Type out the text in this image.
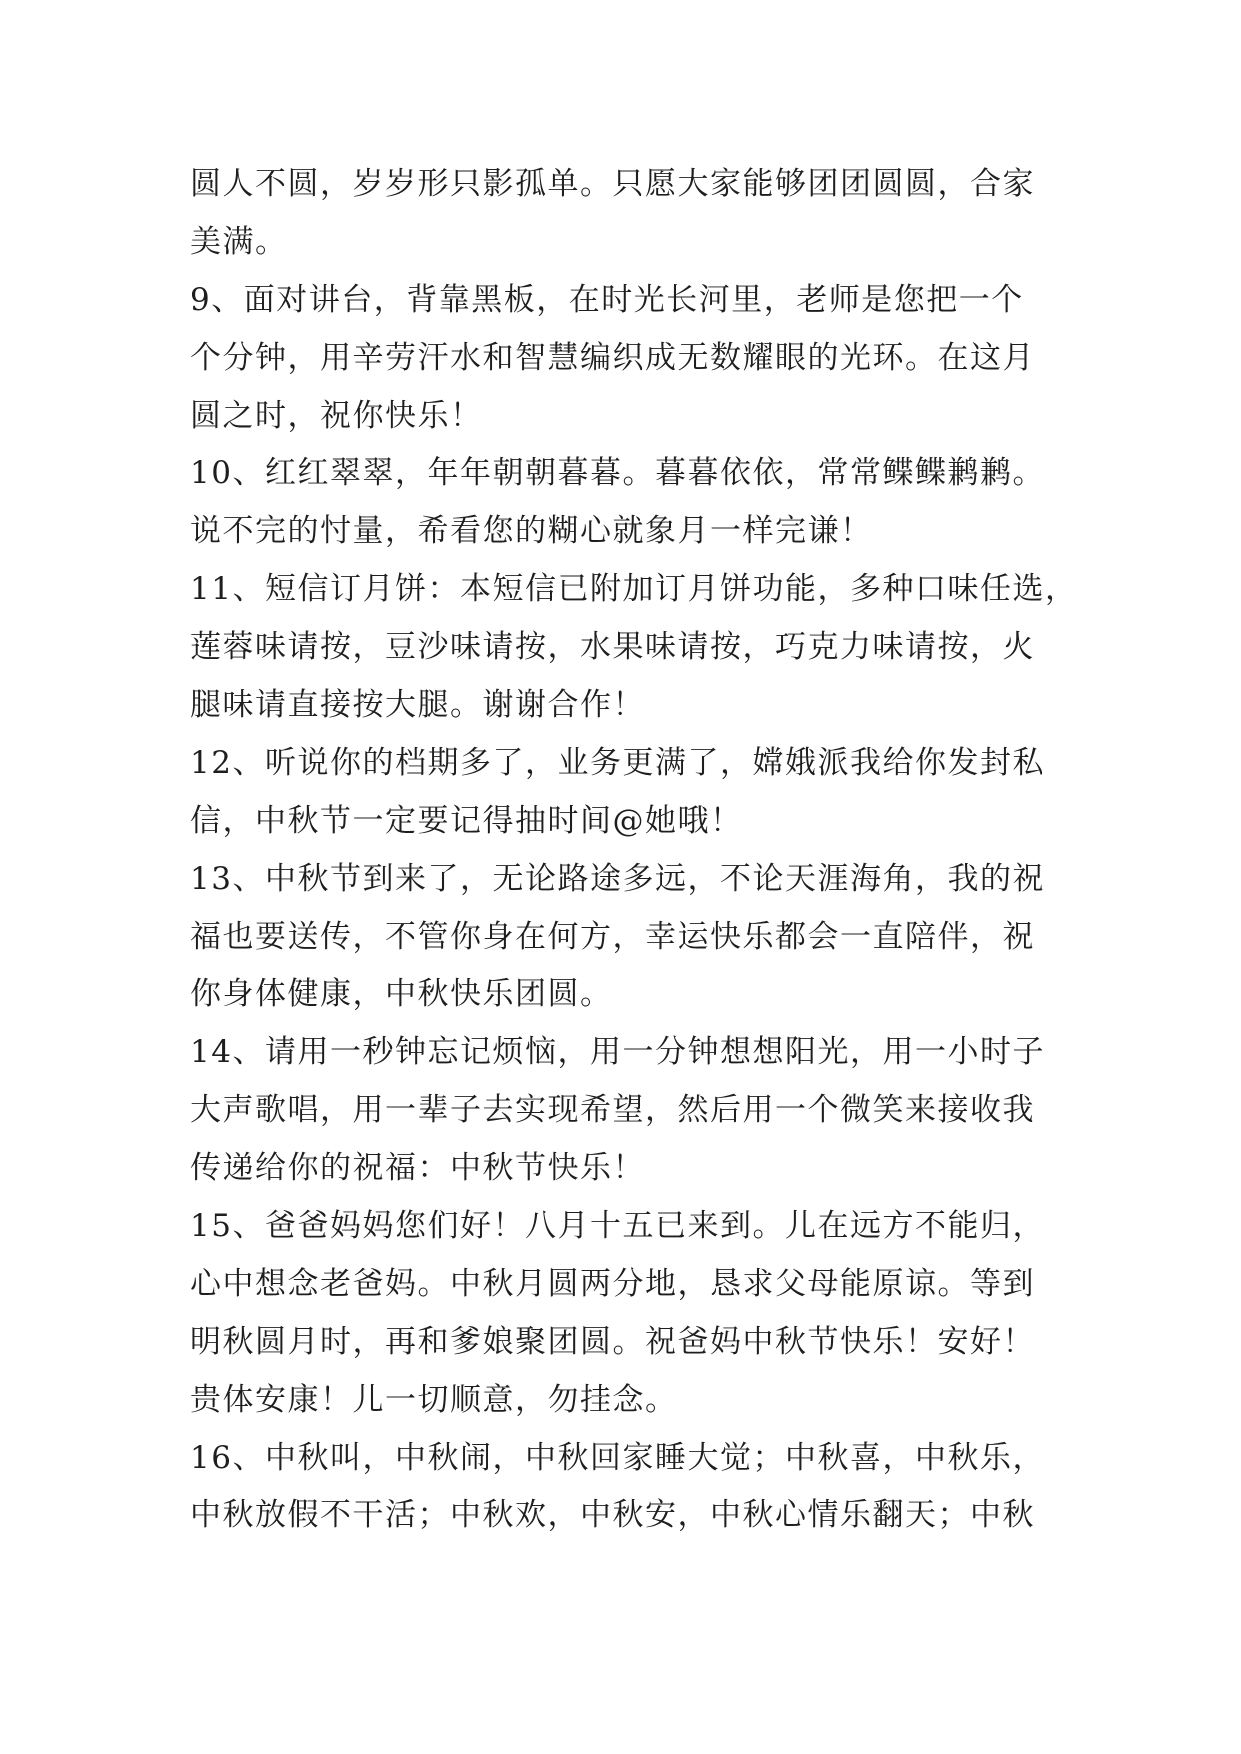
圆人不圆，岁岁形只影孤单。只愿大家能够团团圆圆，合家
美满。
9、面对讲台，背靠黑板，在时光长河里，老师是您把一个
个分钟，用辛劳汗水和智慧编织成无数耀眼的光环。在这月
圆之时，祝你快乐！
10、红红翠翠，年年朝朝暮暮。暮暮依依，常常鲽鲽鹣鹣。
说不完的忖量，希看您的糊心就象月一样完谦！
11、短信订月饼：本短信已附加订月饼功能，多种口味任选，
莲蓉味请按，豆沙味请按，水果味请按，巧克力味请按，火
腿味请直接按大腿。谢谢合作！
12、听说你的档期多了，业务更满了，嫦娥派我给你发封私
信，中秋节一定要记得抽时间@她哦！
13、中秋节到来了，无论路途多远，不论天涯海角，我的祝
福也要送传，不管你身在何方，幸运快乐都会一直陪伴，祝
你身体健康，中秋快乐团圆。
14、请用一秒钟忘记烦恼，用一分钟想想阳光，用一小时子
大声歌唱，用一辈子去实现希望，然后用一个微笑来接收我
传递给你的祝福：中秋节快乐！
15、爸爸妈妈您们好！八月十五已来到。儿在远方不能归，
心中想念老爸妈。中秋月圆两分地，恳求父母能原谅。等到
明秋圆月时，再和爹娘聚团圆。祝爸妈中秋节快乐！安好！
贵体安康！儿一切顺意，勿挂念。
16、中秋叫，中秋闹，中秋回家睡大觉；中秋喜，中秋乐，
中秋放假不干活；中秋欢，中秋安，中秋心情乐翻天；中秋
